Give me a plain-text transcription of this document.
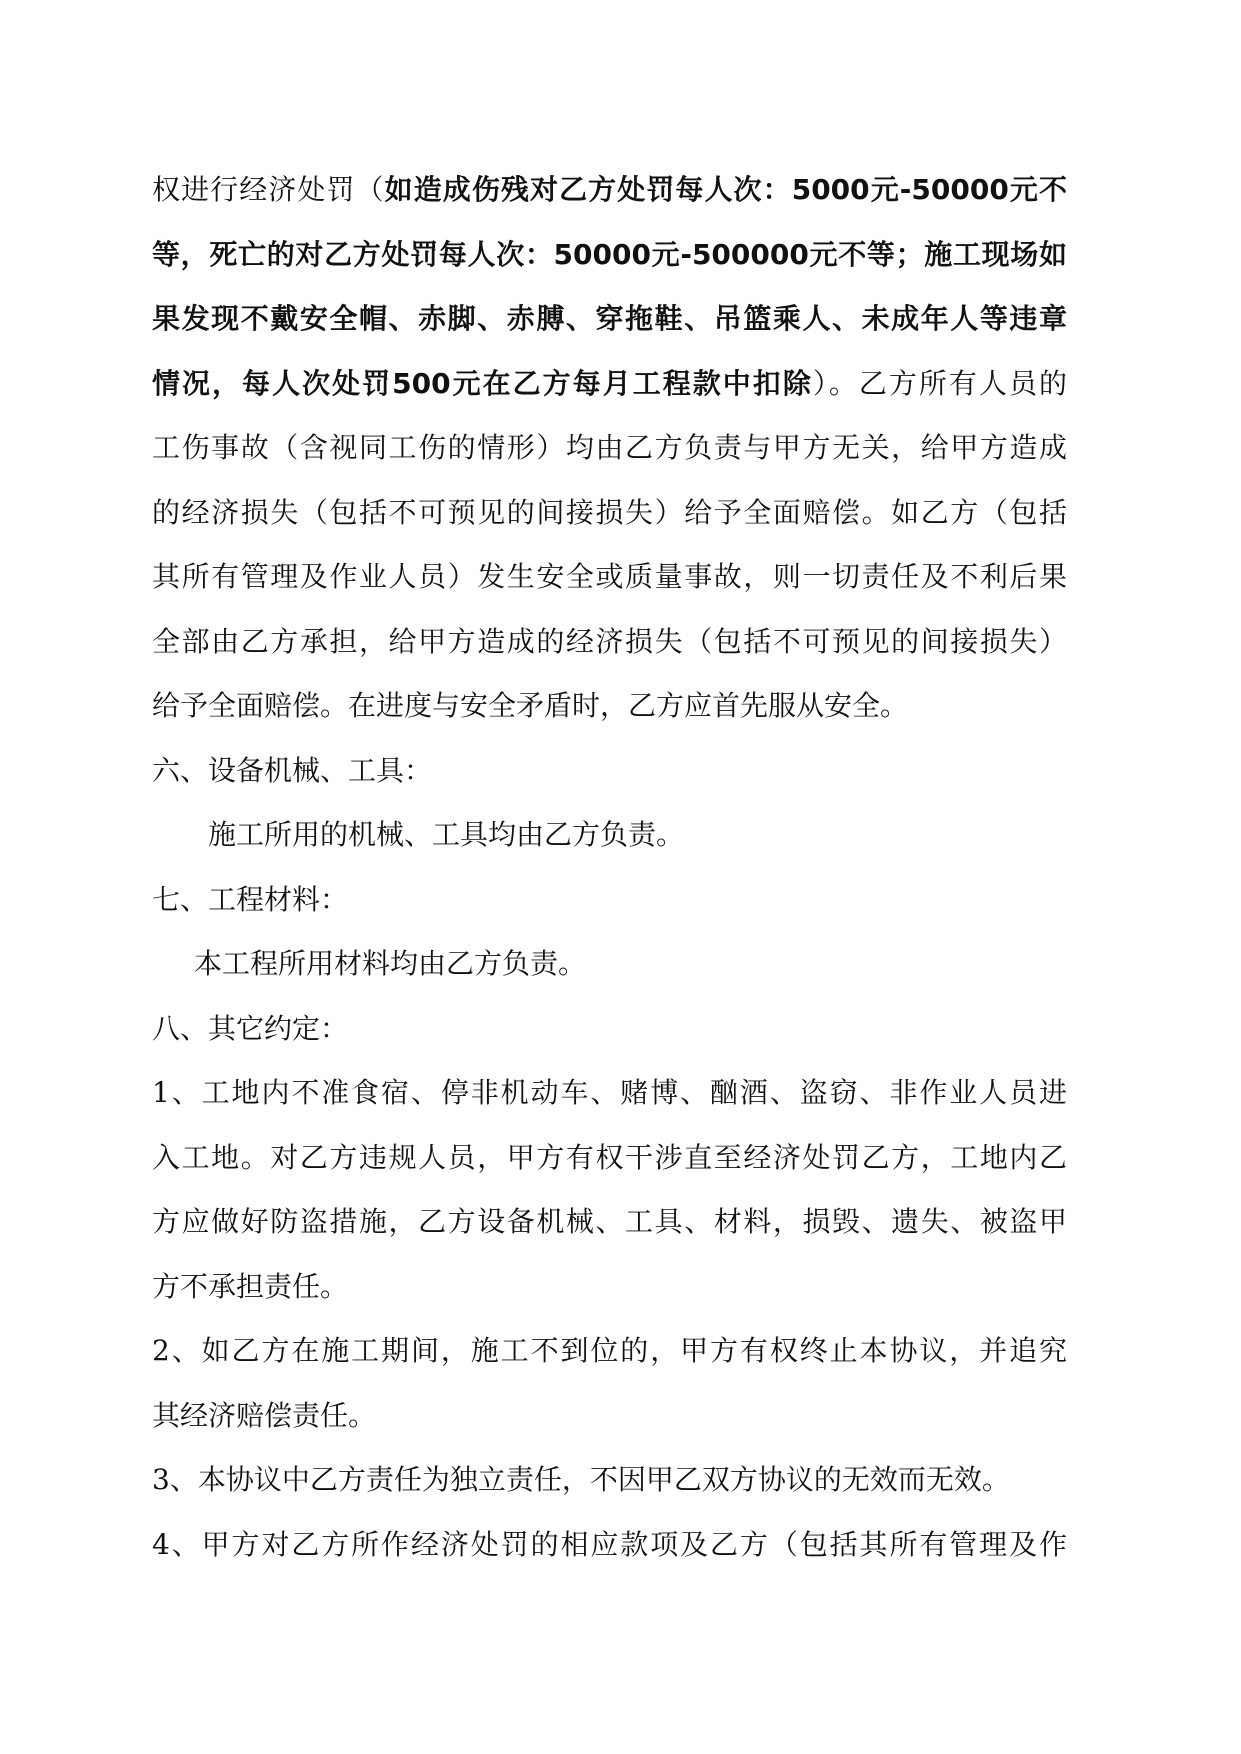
权进行经济处罚（如造成伤残对乙方处罚每人次：5000元-50000元不
等，死亡的对乙方处罚每人次：50000元-500000元不等；施工现场如
果发现不戴安全帽、赤脚、赤膊、穿拖鞋、吊篮乘人、未成年人等违章
情况，每人次处罚500元在乙方每月工程款中扣除）。乙方所有人员的
工伤事故（含视同工伤的情形）均由乙方负责与甲方无关，给甲方造成
的经济损失（包括不可预见的间接损失）给予全面赔偿。如乙方（包括
其所有管理及作业人员）发生安全或质量事故，则一切责任及不利后果
全部由乙方承担，给甲方造成的经济损失（包括不可预见的间接损失）
给予全面赔偿。在进度与安全矛盾时，乙方应首先服从安全。
六、设备机械、工具：
施工所用的机械、工具均由乙方负责。
七、工程材料：
本工程所用材料均由乙方负责。
八、其它约定：
1、工地内不准食宿、停非机动车、赌博、酗酒、盗窃、非作业人员进
入工地。对乙方违规人员，甲方有权干涉直至经济处罚乙方，工地内乙
方应做好防盗措施，乙方设备机械、工具、材料，损毁、遗失、被盗甲
方不承担责任。
2、如乙方在施工期间，施工不到位的，甲方有权终止本协议，并追究
其经济赔偿责任。
3、本协议中乙方责任为独立责任，不因甲乙双方协议的无效而无效。
4、甲方对乙方所作经济处罚的相应款项及乙方（包括其所有管理及作
